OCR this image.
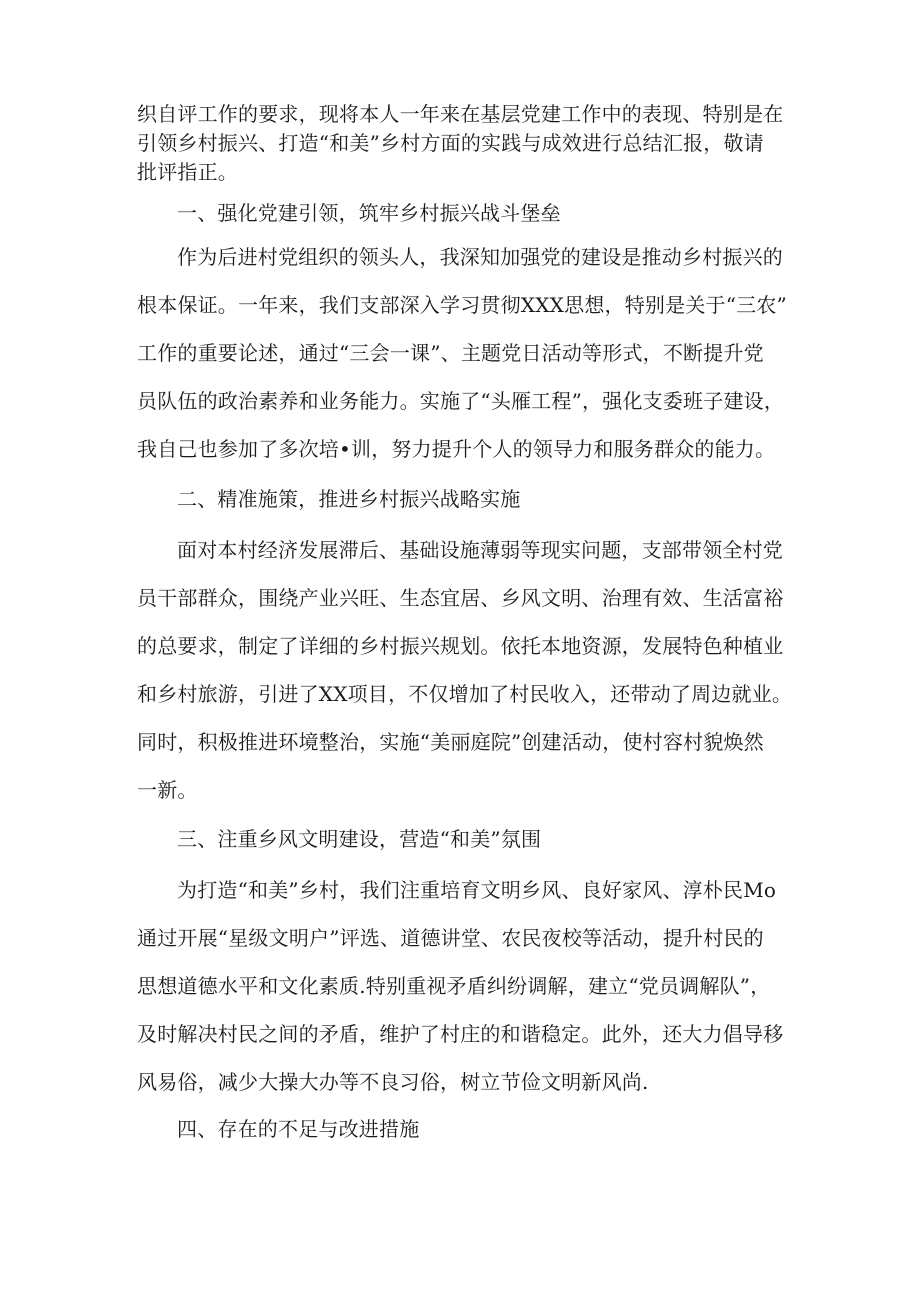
织自评工作的要求，现将本人一年来在基层党建工作中的表现、特别是在
引领乡村振兴、打造“和美”乡村方面的实践与成效进行总结汇报，敬请
批评指正。
一、强化党建引领，筑牢乡村振兴战斗堡垒
作为后进村党组织的领头人，我深知加强党的建设是推动乡村振兴的
根本保证。一年来，我们支部深入学习贯彻XXX思想，特别是关于“三农”
工作的重要论述，通过“三会一课”、主题党日活动等形式，不断提升党
员队伍的政治素养和业务能力。实施了“头雁工程”，强化支委班子建设，
我自己也参加了多次培•训，努力提升个人的领导力和服务群众的能力。
二、精准施策，推进乡村振兴战略实施
面对本村经济发展滞后、基础设施薄弱等现实问题，支部带领全村党
员干部群众，围绕产业兴旺、生态宜居、乡风文明、治理有效、生活富裕
的总要求，制定了详细的乡村振兴规划。依托本地资源，发展特色种植业
和乡村旅游，引进了XX项目，不仅增加了村民收入，还带动了周边就业。
同时，积极推进环境整治，实施“美丽庭院”创建活动，使村容村貌焕然
一新。
三、注重乡风文明建设，营造“和美”氛围
为打造“和美”乡村，我们注重培育文明乡风、良好家风、淳朴民Mo
通过开展“星级文明户”评选、道德讲堂、农民夜校等活动，提升村民的
思想道德水平和文化素质.特别重视矛盾纠纷调解，建立“党员调解队”，
及时解决村民之间的矛盾，维护了村庄的和谐稳定。此外，还大力倡导移
风易俗，减少大操大办等不良习俗，树立节俭文明新风尚.
四、存在的不足与改进措施
